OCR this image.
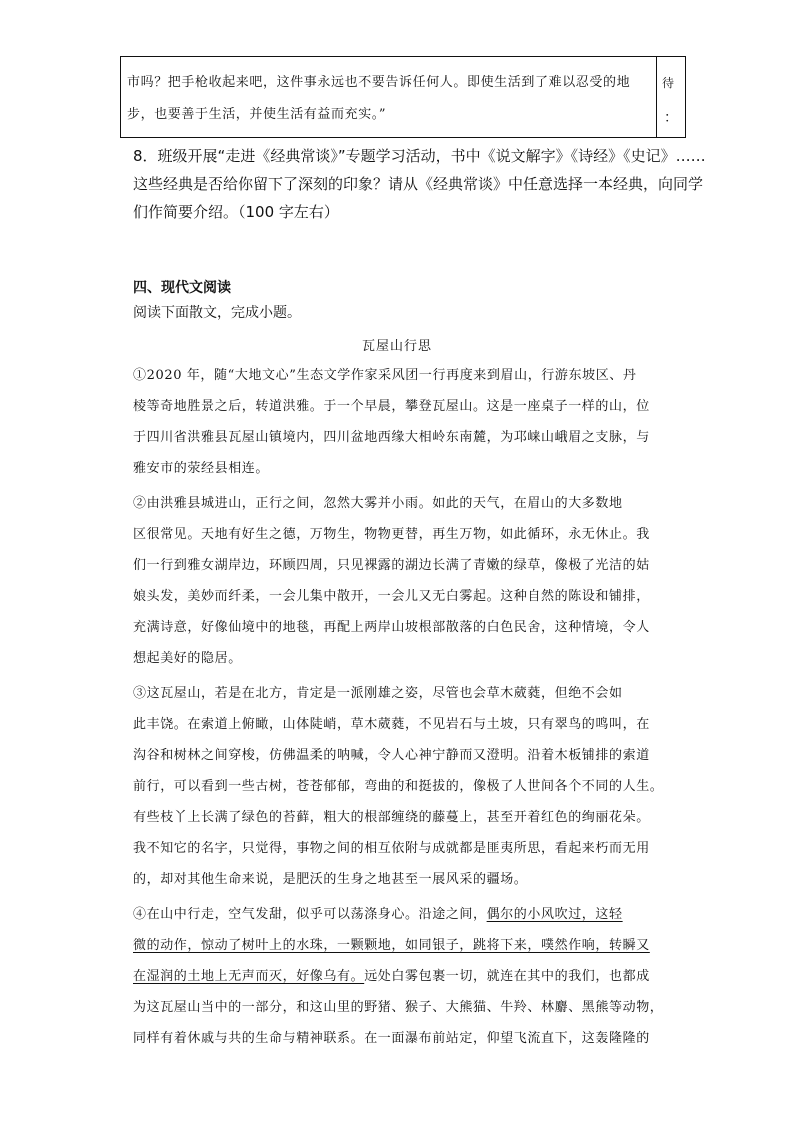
市吗？把手枪收起来吧，这件事永远也不要告诉任何人。即使生活到了难以忍受的地
步，也要善于生活，并使生活有益而充实。”
待
：
8．班级开展“走进《经典常谈》”专题学习活动，书中《说文解字》《诗经》《史记》……
这些经典是否给你留下了深刻的印象？请从《经典常谈》中任意选择一本经典，向同学
们作简要介绍。（100 字左右）
四、现代文阅读
阅读下面散文，完成小题。
瓦屋山行思
①2020 年，随“大地文心”生态文学作家采风团一行再度来到眉山，行游东坡区、丹
棱等奇地胜景之后，转道洪雅。于一个早晨，攀登瓦屋山。这是一座桌子一样的山，位
于四川省洪雅县瓦屋山镇境内，四川盆地西缘大相岭东南麓，为邛崃山峨眉之支脉，与
雅安市的荥经县相连。
②由洪雅县城进山，正行之间，忽然大雾并小雨。如此的天气，在眉山的大多数地
区很常见。天地有好生之德，万物生，物物更替，再生万物，如此循环，永无休止。我
们一行到雅女湖岸边，环顾四周，只见裸露的湖边长满了青嫩的绿草，像极了光洁的姑
娘头发，美妙而纤柔，一会儿集中散开，一会儿又无白雾起。这种自然的陈设和铺排，
充满诗意，好像仙境中的地毯，再配上两岸山坡根部散落的白色民舍，这种情境，令人
想起美好的隐居。
③这瓦屋山，若是在北方，肯定是一派刚雄之姿，尽管也会草木葳蕤，但绝不会如
此丰饶。在索道上俯瞰，山体陡峭，草木葳蕤，不见岩石与土坡，只有翠鸟的鸣叫，在
沟谷和树林之间穿梭，仿佛温柔的呐喊，令人心神宁静而又澄明。沿着木板铺排的索道
前行，可以看到一些古树，苍苍郁郁，弯曲的和挺拔的，像极了人世间各个不同的人生。
有些枝丫上长满了绿色的苔藓，粗大的根部缠绕的藤蔓上，甚至开着红色的绚丽花朵。
我不知它的名字，只觉得，事物之间的相互依附与成就都是匪夷所思，看起来朽而无用
的，却对其他生命来说，是肥沃的生身之地甚至一展风采的疆场。
④在山中行走，空气发甜，似乎可以荡涤身心。沿途之间，偶尔的小风吹过，这轻
微的动作，惊动了树叶上的水珠，一颗颗地，如同银子，跳将下来，噗然作响，转瞬又
在湿润的土地上无声而灭，好像乌有。远处白雾包裹一切，就连在其中的我们，也都成
为这瓦屋山当中的一部分，和这山里的野猪、猴子、大熊猫、牛羚、林麝、黑熊等动物，
同样有着休戚与共的生命与精神联系。在一面瀑布前站定，仰望飞流直下，这轰隆隆的
